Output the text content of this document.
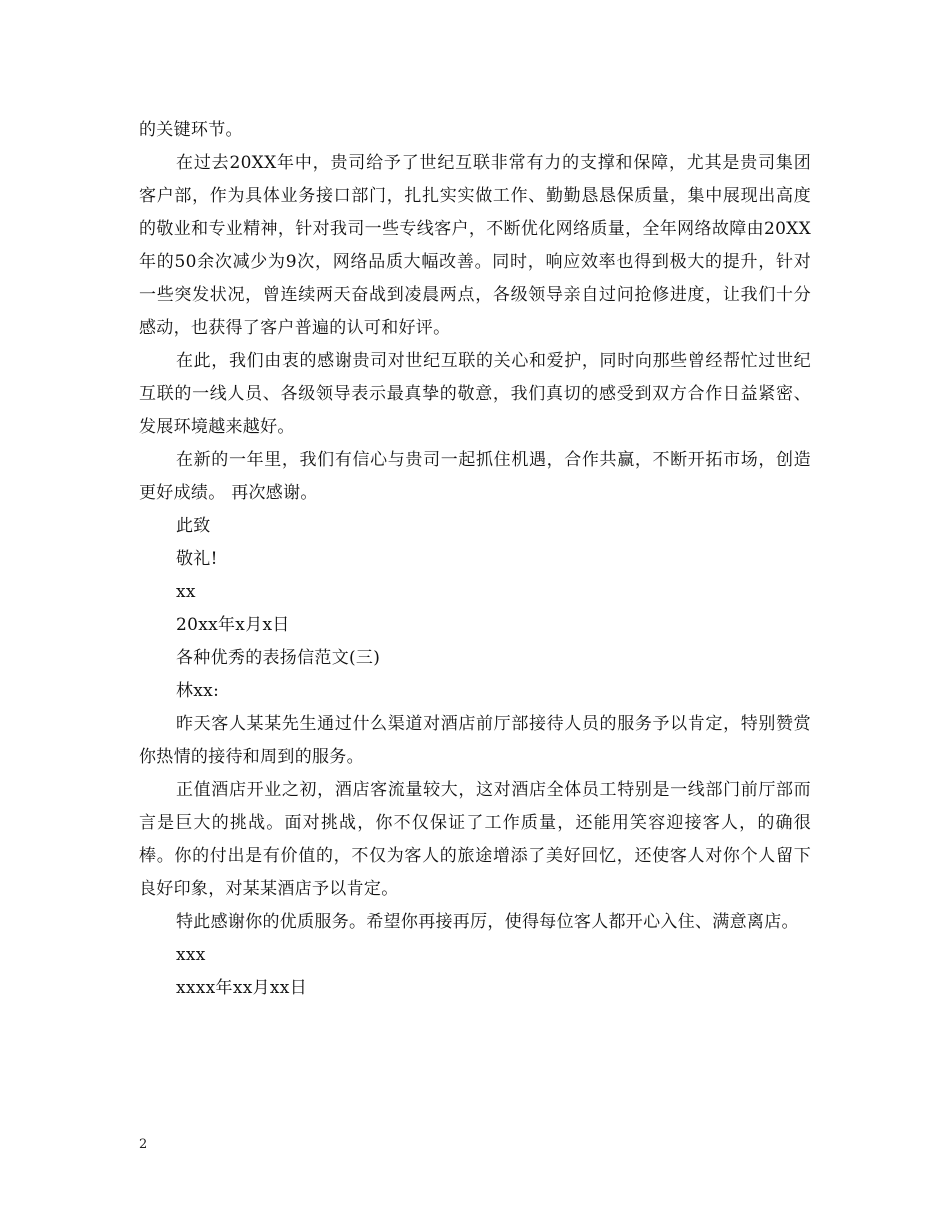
的关键环节。

在过去20XX年中，贵司给予了世纪互联非常有力的支撑和保障，尤其是贵司集团客户部，作为具体业务接口部门，扎扎实实做工作、勤勤恳恳保质量，集中展现出高度的敬业和专业精神，针对我司一些专线客户，不断优化网络质量，全年网络故障由20XX年的50余次减少为9次，网络品质大幅改善。同时，响应效率也得到极大的提升，针对一些突发状况，曾连续两天奋战到凌晨两点，各级领导亲自过问抢修进度，让我们十分感动，也获得了客户普遍的认可和好评。

在此，我们由衷的感谢贵司对世纪互联的关心和爱护，同时向那些曾经帮忙过世纪互联的一线人员、各级领导表示最真挚的敬意，我们真切的感受到双方合作日益紧密、发展环境越来越好。

在新的一年里，我们有信心与贵司一起抓住机遇，合作共赢，不断开拓市场，创造更好成绩。 再次感谢。

此致

敬礼!

xx

20xx年x月x日

各种优秀的表扬信范文(三)

林xx:

昨天客人某某先生通过什么渠道对酒店前厅部接待人员的服务予以肯定，特别赞赏你热情的接待和周到的服务。

正值酒店开业之初，酒店客流量较大，这对酒店全体员工特别是一线部门前厅部而言是巨大的挑战。面对挑战，你不仅保证了工作质量，还能用笑容迎接客人，的确很棒。你的付出是有价值的，不仅为客人的旅途增添了美好回忆，还使客人对你个人留下良好印象，对某某酒店予以肯定。

特此感谢你的优质服务。希望你再接再厉，使得每位客人都开心入住、满意离店。

xxx

xxxx年xx月xx日

2
